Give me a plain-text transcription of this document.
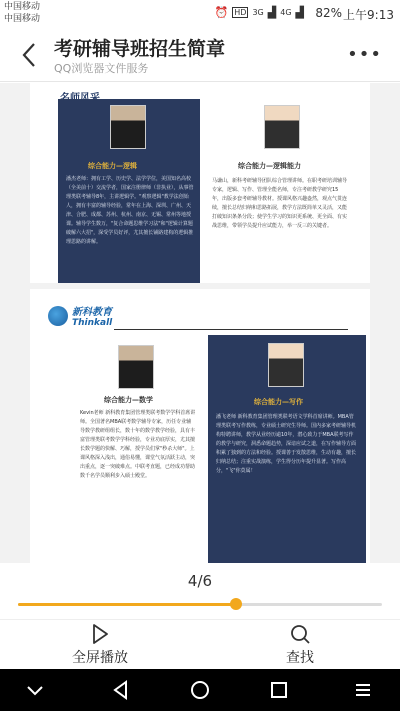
中国移动
中国移动	⏰ HD 3G ▟ 4G ▟ 82% 上午9:13
考研辅导班招生简章
QQ浏览器文件服务
•••
综合能力—逻辑
潘杰老师：拥有工学、历史学、法学学位，美国知名高校（全美前十）交流学者，国家注册律师（非执业），从事管理类联考辅导8年，主讲逻辑学。"观察逻辑"教学法创始人，拥有丰富的辅导经验，常年在上海、深圳、广州、天津、合肥、成都、苏州、杭州、南京、无锡、常州等地授课。辅导学生数万，"复合命题思维学习法"和"逻辑计算题破解六大招"，深受学员好评，尤其擅长铺路建构的逻辑推理思路的讲解。
综合能力—逻辑能力
马谦山，新科考研辅导团队综合管理讲师。在职考研培训辅导专家，逻辑、写作、管理全能名师，专注考研教学研究15年，出版多套考研辅导教材。授课风格兴趣盎然，观点气贯连续，擅长总结归纳和思路拓展，教学方法既简单又灵活，又能打破知识条条分段；使学生学习的知识更系统、更全面、有实战思维，带领学员提升应试能力，举一反三的关键者。
新科教育
Thinkall
综合能力—数学
Kevin老师 新科教育集团管理类联考数学学科首席讲师。全国著名MBA联考数学辅导专家，历任专业辅导数学教研组组长，数十年的数学教学经验，具有丰富管理类联考数学学科经验，专业功底厚实，尤其擅长数学题的快解、巧解，授学员们掌"秒杀大师"。上课风格深入浅出，通俗易懂，课堂气氛活跃主动，突出重点，逐一突破难点。中联考直题，已经成功帮助数千名学员顺利步入硕士殿堂。
综合能力—写作
潘飞老师 新科教育集团管理类联考语文学科首席讲师。MBA管理类联考写作教练，专业硕士研究生导师。国内多家考研辅导机构特聘讲师，教学从业经历逾10年，潜心致力于MBA联考写作的教学与研究，洞悉命题趋势，深谙应试之道，在写作辅导方面积累了独到的方法和经验。授课善于发散思维，生动有趣，擅长归纳总结；注重实战演练，学生得分历年提升显著。写作高分，"飞"你莫属！
4/6
全屏播放	查找
